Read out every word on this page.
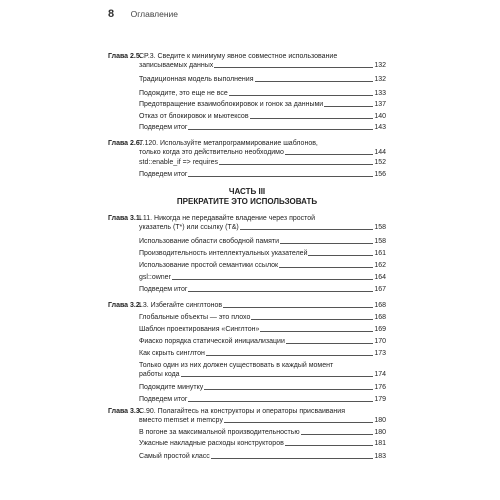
8 Оглавление
Глава 2.5.
CP.3. Сведите к минимуму явное совместное использование
записываемых данных	132
Традиционная модель выполнения	132
Подождите, это еще не все	133
Предотвращение взаимоблокировок и гонок за данными	137
Отказ от блокировок и мьютексов	140
Подведем итог	143
Глава 2.6.
T.120. Используйте метапрограммирование шаблонов,
только когда это действительно необходимо	144
std::enable_if => requires	152
Подведем итог	156
ЧАСТЬ III
ПРЕКРАТИТЕ ЭТО ИСПОЛЬЗОВАТЬ
Глава 3.1.
I.11. Никогда не передавайте владение через простой
указатель (T*) или ссылку (T&)	158
Использование области свободной памяти	158
Производительность интеллектуальных указателей	161
Использование простой семантики ссылок	162
gsl::owner	164
Подведем итог	167
Глава 3.2.
I.3. Избегайте синглтонов	168
Глобальные объекты — это плохо	168
Шаблон проектирования «Синглтон»	169
Фиаско порядка статической инициализации	170
Как скрыть синглтон	173
Только один из них должен существовать в каждый момент
работы кода	174
Подождите минутку	176
Подведем итог	179
Глава 3.3.
C.90. Полагайтесь на конструкторы и операторы присваивания
вместо memset и memcpy	180
В погоне за максимальной производительностью	180
Ужасные накладные расходы конструкторов	181
Самый простой класс	183
